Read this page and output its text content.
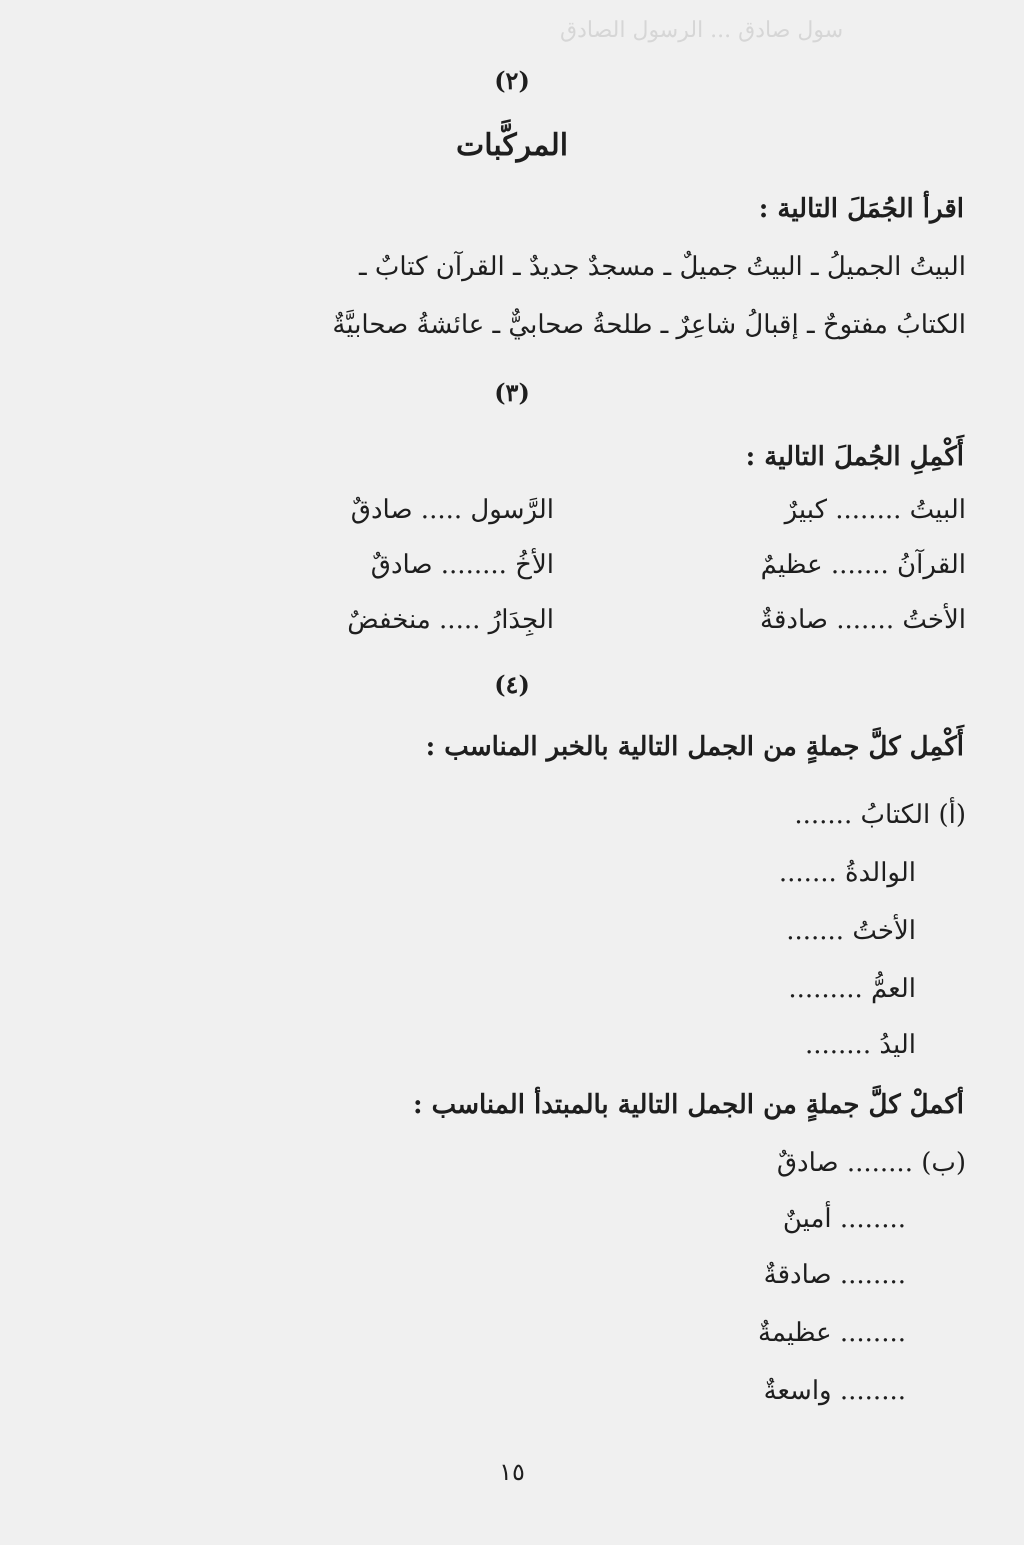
سول صادق ... الرسول الصادق
(٢)
المركَّبات
اقرأ الجُمَلَ التالية :
البيتُ الجميلُ ـ البيتُ جميلٌ ـ مسجدٌ جديدٌ ـ القرآن كتابٌ ـ
الكتابُ مفتوحٌ ـ إقبالُ شاعِرٌ ـ طلحةُ صحابيٌّ ـ عائشةُ صحابيَّةٌ
(٣)
أَكْمِلِ الجُملَ التالية :
البيتُ ........ كبيرٌ
الرَّسول ..... صادقٌ
القرآنُ ....... عظيمٌ
الأخُ ........ صادقٌ
الأختُ ....... صادقةٌ
الجِدَارُ ..... منخفضٌ
(٤)
أَكْمِل كلَّ جملةٍ من الجمل التالية بالخبر المناسب :
(أ) الكتابُ .......
الوالدةُ .......
الأختُ .......
العمُّ .........
اليدُ ........
أكملْ كلَّ جملةٍ من الجمل التالية بالمبتدأ المناسب :
(ب) ........ صادقٌ
........ أمينٌ
........ صادقةٌ
........ عظيمةٌ
........ واسعةٌ
١٥
